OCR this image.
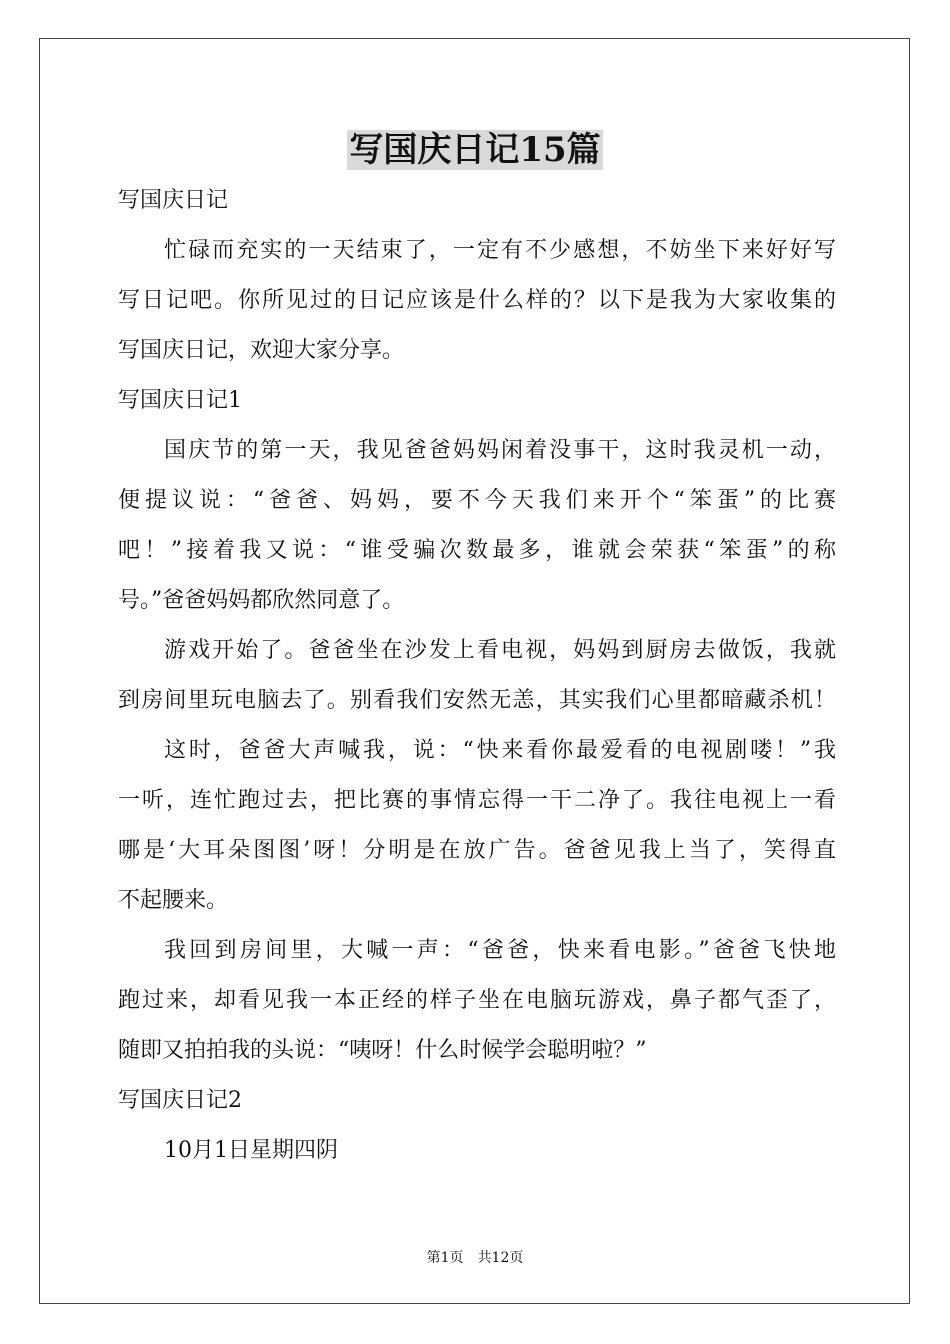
写国庆日记15篇
写国庆日记
忙碌而充实的一天结束了，一定有不少感想，不妨坐下来好好写
写日记吧。你所见过的日记应该是什么样的？以下是我为大家收集的
写国庆日记，欢迎大家分享。
写国庆日记1
国庆节的第一天，我见爸爸妈妈闲着没事干，这时我灵机一动，
便提议说：“爸爸、妈妈，要不今天我们来开个“笨蛋”的比赛
吧！”接着我又说：“谁受骗次数最多，谁就会荣获“笨蛋”的称
号。”爸爸妈妈都欣然同意了。
游戏开始了。爸爸坐在沙发上看电视，妈妈到厨房去做饭，我就
到房间里玩电脑去了。别看我们安然无恙，其实我们心里都暗藏杀机！
这时，爸爸大声喊我，说：“快来看你最爱看的电视剧喽！”我
一听，连忙跑过去，把比赛的事情忘得一干二净了。我往电视上一看
哪是‘大耳朵图图’呀！分明是在放广告。爸爸见我上当了，笑得直
不起腰来。
我回到房间里，大喊一声：“爸爸，快来看电影。”爸爸飞快地
跑过来，却看见我一本正经的样子坐在电脑玩游戏，鼻子都气歪了，
随即又拍拍我的头说：“咦呀！什么时候学会聪明啦？”
写国庆日记2
10月1日星期四阴
第1页 共12页
